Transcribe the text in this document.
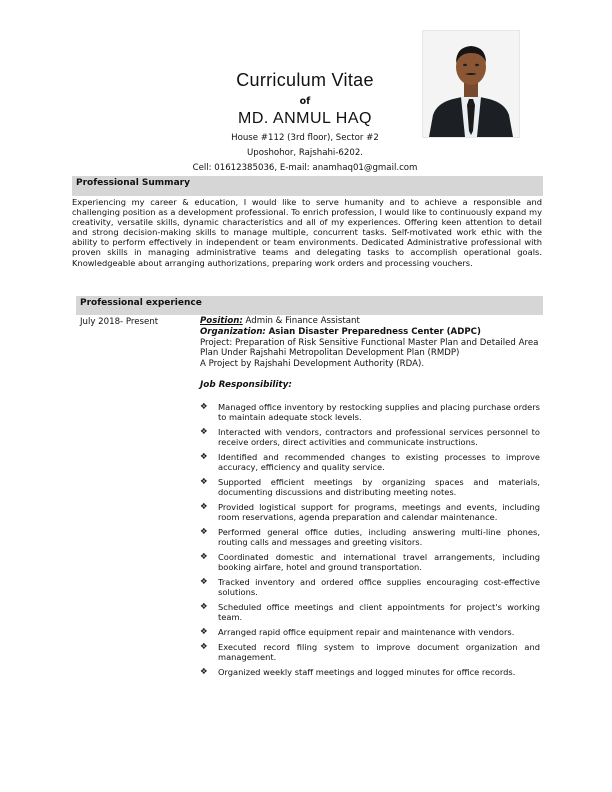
Curriculum Vitae
of
MD. ANMUL HAQ
House #112 (3rd floor), Sector #2
Uposhohor, Rajshahi-6202.
Cell: 01612385036, E-mail: anamhaq01@gmail.com
Professional Summary
Experiencing my career & education, I would like to serve humanity and to achieve a responsible and challenging position as a development professional. To enrich profession, I would like to continuously expand my creativity, versatile skills, dynamic characteristics and all of my experiences. Offering keen attention to detail and strong decision-making skills to manage multiple, concurrent tasks. Self-motivated work ethic with the ability to perform effectively in independent or team environments. Dedicated Administrative professional with proven skills in managing administrative teams and delegating tasks to accomplish operational goals. Knowledgeable about arranging authorizations, preparing work orders and processing vouchers.
Professional experience
July 2018- Present	Position: Admin & Finance Assistant
Organization: Asian Disaster Preparedness Center (ADPC)
Project: Preparation of Risk Sensitive Functional Master Plan and Detailed Area Plan Under Rajshahi Metropolitan Development Plan (RMDP)
A Project by Rajshahi Development Authority (RDA).
Job Responsibility:
❖ Managed office inventory by restocking supplies and placing purchase orders to maintain adequate stock levels.
❖ Interacted with vendors, contractors and professional services personnel to receive orders, direct activities and communicate instructions.
❖ Identified and recommended changes to existing processes to improve accuracy, efficiency and quality service.
❖ Supported efficient meetings by organizing spaces and materials, documenting discussions and distributing meeting notes.
❖ Provided logistical support for programs, meetings and events, including room reservations, agenda preparation and calendar maintenance.
❖ Performed general office duties, including answering multi-line phones, routing calls and messages and greeting visitors.
❖ Coordinated domestic and international travel arrangements, including booking airfare, hotel and ground transportation.
❖ Tracked inventory and ordered office supplies encouraging cost-effective solutions.
❖ Scheduled office meetings and client appointments for project's working team.
❖ Arranged rapid office equipment repair and maintenance with vendors.
❖ Executed record filing system to improve document organization and management.
❖ Organized weekly staff meetings and logged minutes for office records.
